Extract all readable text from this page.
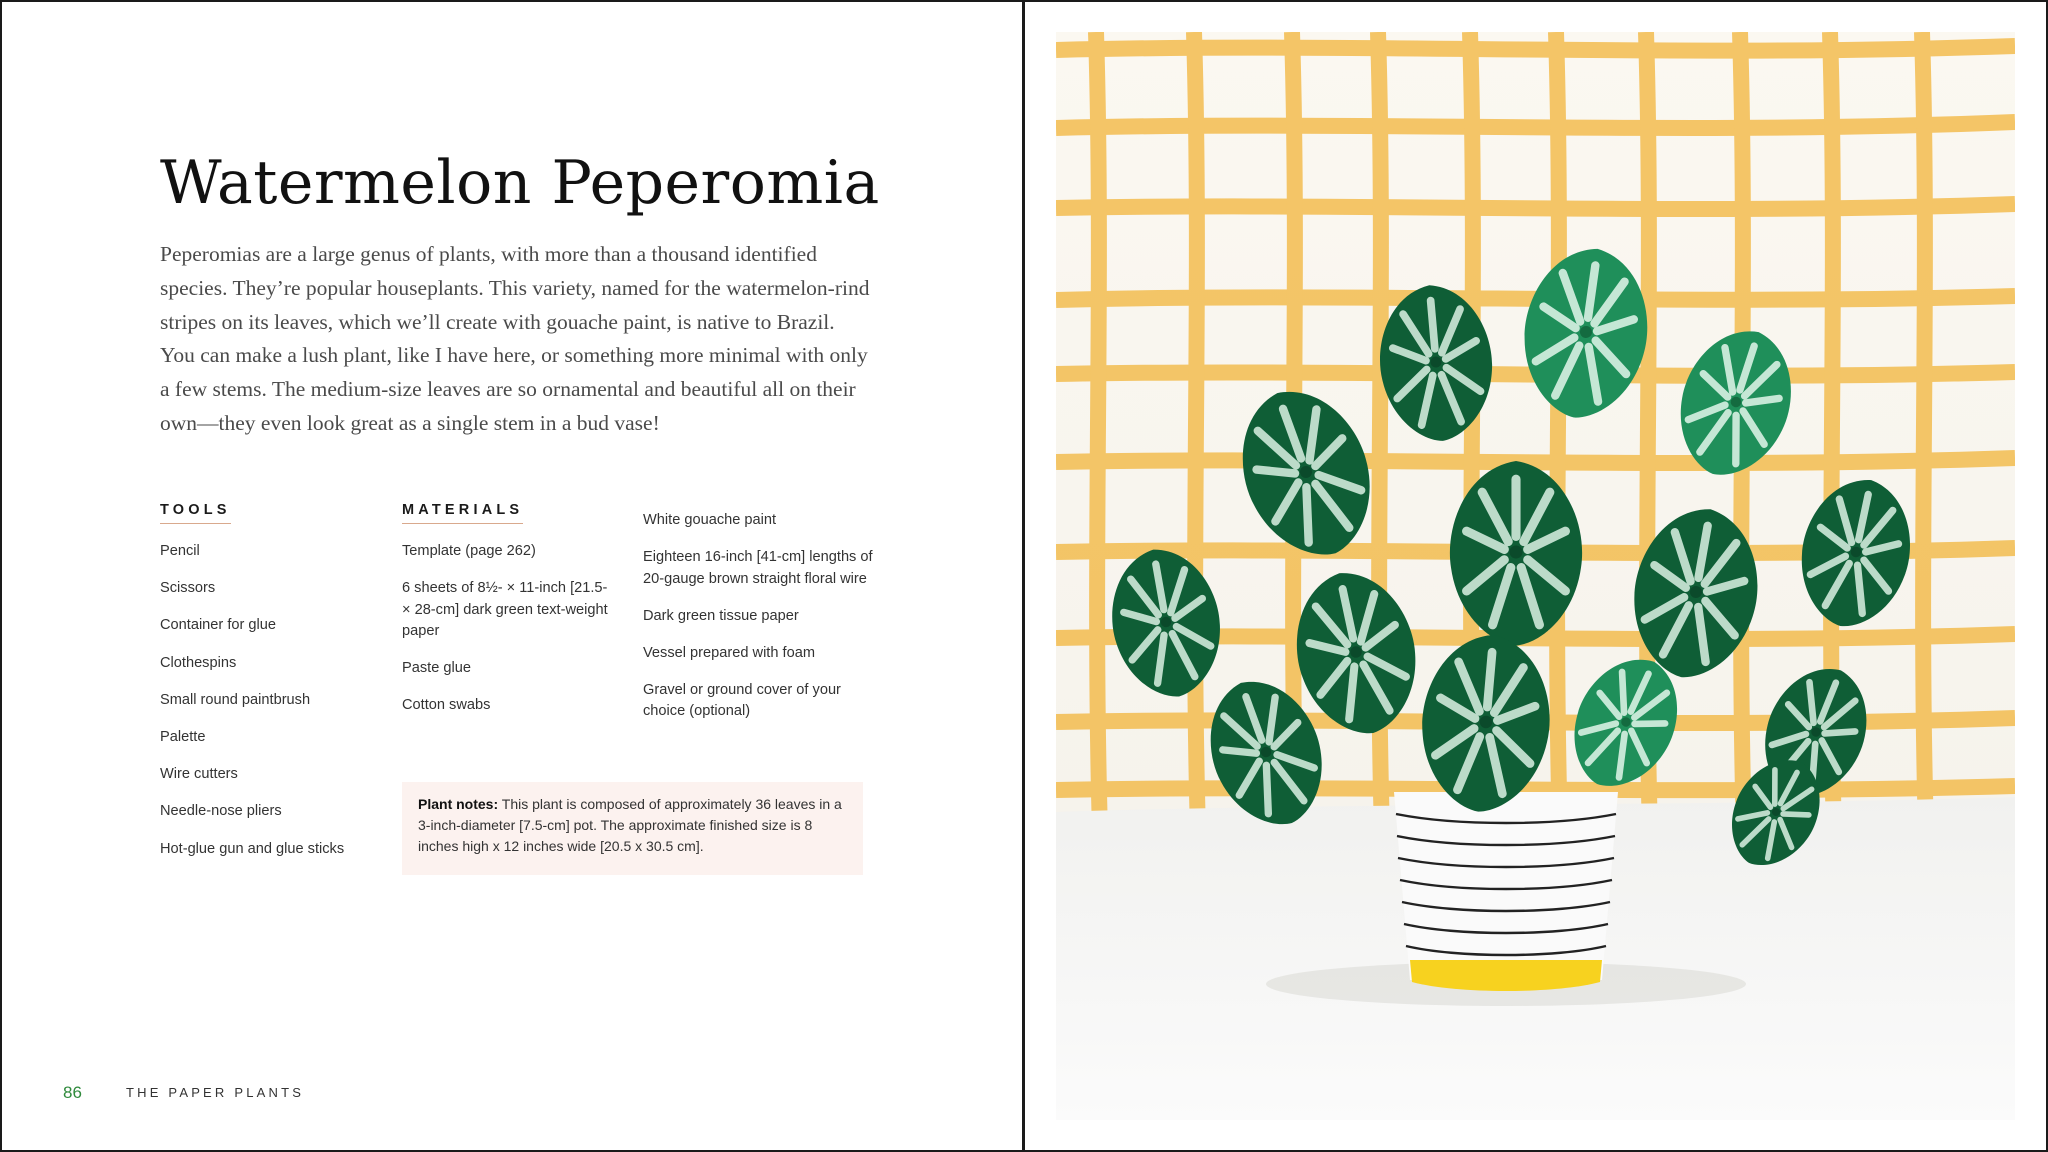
Watermelon Peperomia

Peperomias are a large genus of plants, with more than a thousand identified species. They’re popular houseplants. This variety, named for the watermelon-rind stripes on its leaves, which we’ll create with gouache paint, is native to Brazil. You can make a lush plant, like I have here, or something more minimal with only a few stems. The medium-size leaves are so ornamental and beautiful all on their own—they even look great as a single stem in a bud vase!

TOOLS
Pencil
Scissors
Container for glue
Clothespins
Small round paintbrush
Palette
Wire cutters
Needle-nose pliers
Hot-glue gun and glue sticks
MATERIALS
Template (page 262)
6 sheets of 8½- × 11-inch [21.5- × 28-cm] dark green text-weight paper
Paste glue
Cotton swabs
White gouache paint
Eighteen 16-inch [41-cm] lengths of 20-gauge brown straight floral wire
Dark green tissue paper
Vessel prepared with foam
Gravel or ground cover of your choice (optional)
Plant notes: This plant is composed of approximately 36 leaves in a 3-inch-diameter [7.5-cm] pot. The approximate finished size is 8 inches high x 12 inches wide [20.5 x 30.5 cm].
86	THE PAPER PLANTS
